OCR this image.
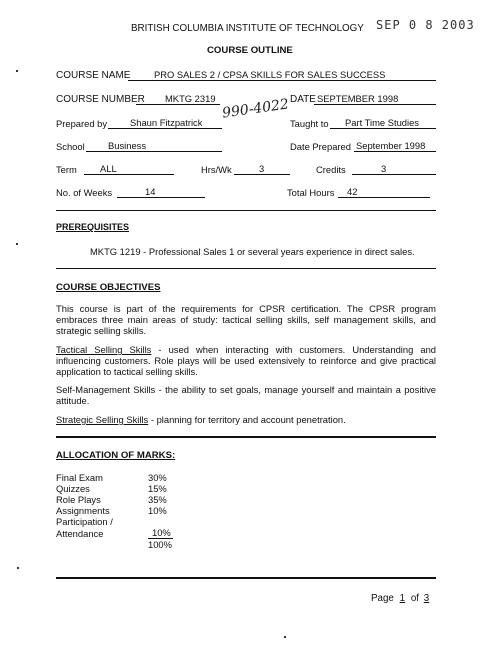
BRITISH COLUMBIA INSTITUTE OF TECHNOLOGY SEP 0 8 2003
COURSE OUTLINE
COURSE NAME	PRO SALES 2 / CPSA SKILLS FOR SALES SUCCESS
COURSE NUMBER MKTG 2319 990-4022 DATE SEPTEMBER 1998
Prepared by Shaun Fitzpatrick	Taught to Part Time Studies
School Business	Date Prepared September 1998
Term ALL	Hrs/Wk	3	Credits	3
No. of Weeks	14	Total Hours 42
PREREQUISITES
MKTG 1219 - Professional Sales 1 or several years experience in direct sales.
COURSE OBJECTIVES
This course is part of the requirements for CPSR certification. The CPSR program embraces three main areas of study: tactical selling skills, self management skills, and strategic selling skills.
Tactical Selling Skills - used when interacting with customers. Understanding and influencing customers. Role plays will be used extensively to reinforce and give practical application to tactical selling skills.
Self-Management Skills - the ability to set goals, manage yourself and maintain a positive attitude.
Strategic Selling Skills - planning for territory and account penetration.
ALLOCATION OF MARKS:
Final Exam	30%
Quizzes	15%
Role Plays	35%
Assignments	10%
Participation /	
Attendance	10%
	100%
Page 1 of 3
